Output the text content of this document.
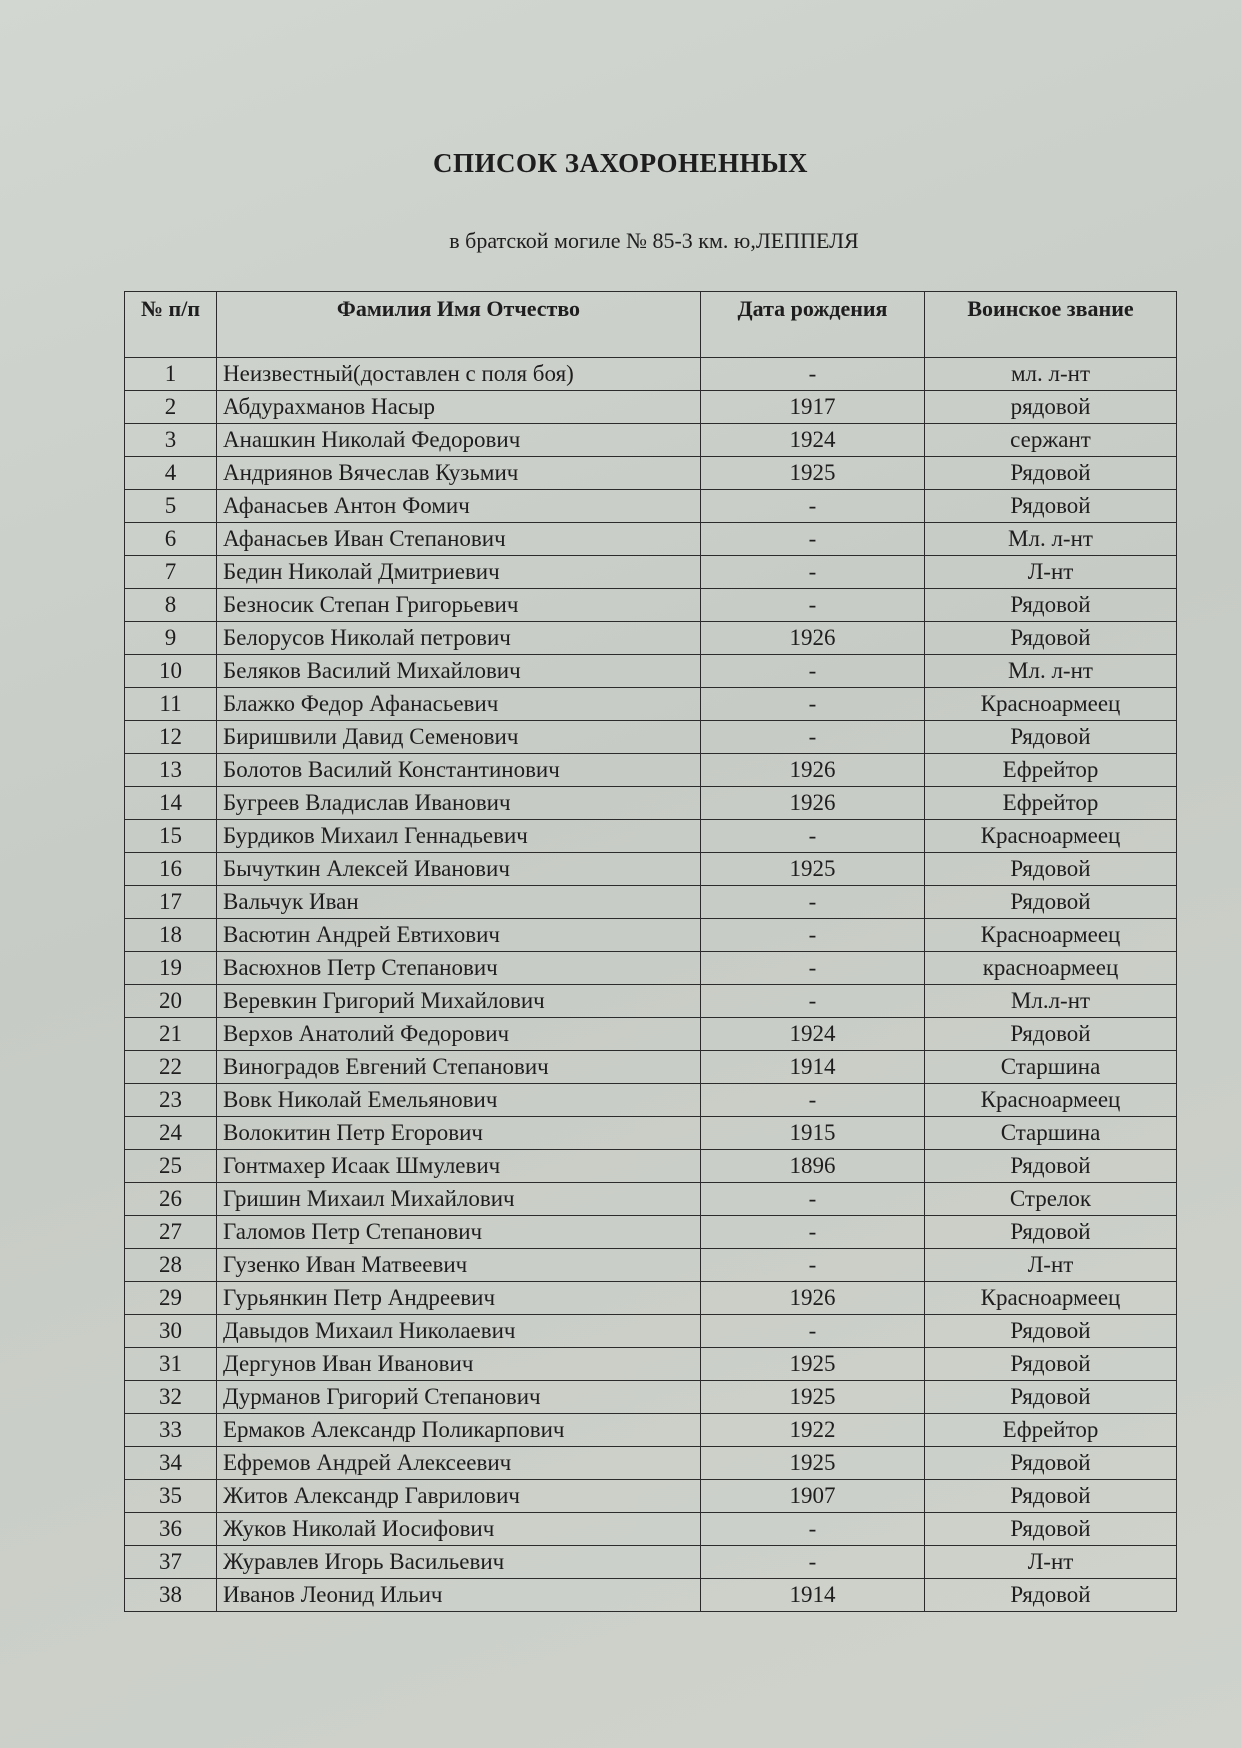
СПИСОК ЗАХОРОНЕННЫХ
в братской могиле № 85-3 км. ю,ЛЕППЕЛЯ
№ п/п	Фамилия Имя Отчество	Дата рождения	Воинское звание
1	Неизвестный(доставлен с поля боя)	-	мл. л-нт
2	Абдурахманов Насыр	1917	рядовой
3	Анашкин Николай Федорович	1924	сержант
4	Андриянов Вячеслав Кузьмич	1925	Рядовой
5	Афанасьев Антон Фомич	-	Рядовой
6	Афанасьев Иван Степанович	-	Мл. л-нт
7	Бедин Николай Дмитриевич	-	Л-нт
8	Безносик Степан Григорьевич	-	Рядовой
9	Белорусов Николай петрович	1926	Рядовой
10	Беляков Василий Михайлович	-	Мл. л-нт
11	Блажко Федор Афанасьевич	-	Красноармеец
12	Биришвили Давид Семенович	-	Рядовой
13	Болотов Василий Константинович	1926	Ефрейтор
14	Бугреев Владислав Иванович	1926	Ефрейтор
15	Бурдиков Михаил Геннадьевич	-	Красноармеец
16	Бычуткин Алексей Иванович	1925	Рядовой
17	Вальчук Иван	-	Рядовой
18	Васютин Андрей Евтихович	-	Красноармеец
19	Васюхнов Петр Степанович	-	красноармеец
20	Веревкин Григорий Михайлович	-	Мл.л-нт
21	Верхов Анатолий Федорович	1924	Рядовой
22	Виноградов Евгений Степанович	1914	Старшина
23	Вовк Николай Емельянович	-	Красноармеец
24	Волокитин Петр Егорович	1915	Старшина
25	Гонтмахер Исаак Шмулевич	1896	Рядовой
26	Гришин Михаил Михайлович	-	Стрелок
27	Галомов Петр Степанович	-	Рядовой
28	Гузенко Иван Матвеевич	-	Л-нт
29	Гурьянкин Петр Андреевич	1926	Красноармеец
30	Давыдов Михаил Николаевич	-	Рядовой
31	Дергунов Иван Иванович	1925	Рядовой
32	Дурманов Григорий Степанович	1925	Рядовой
33	Ермаков Александр Поликарпович	1922	Ефрейтор
34	Ефремов Андрей Алексеевич	1925	Рядовой
35	Житов Александр Гаврилович	1907	Рядовой
36	Жуков Николай Иосифович	-	Рядовой
37	Журавлев Игорь Васильевич	-	Л-нт
38	Иванов Леонид Ильич	1914	Рядовой
